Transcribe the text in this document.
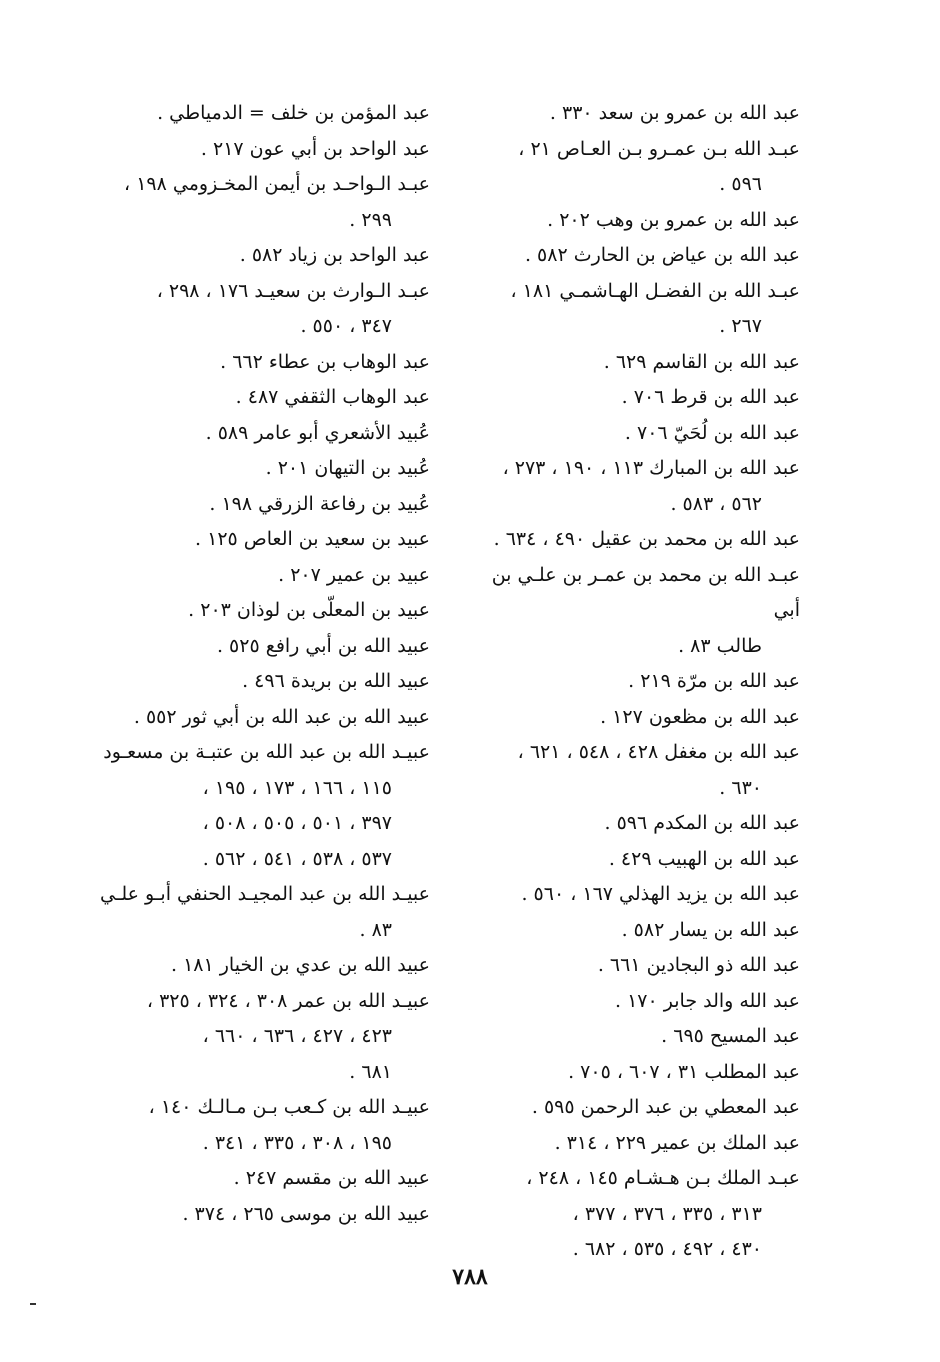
عبد الله بن عمرو بن سعد ٣٣٠ .
عبـد الله بـن عمـرو بـن العـاص ٢١ ،
٥٩٦ .
عبد الله بن عمرو بن وهب ٢٠٢ .
عبد الله بن عياض بن الحارث ٥٨٢ .
عبـد الله بن الفضـل الهـاشمـي ١٨١ ،
٢٦٧ .
عبد الله بن القاسم ٦٢٩ .
عبد الله بن قرط ٧٠٦ .
عبد الله بن لُحَيّ ٧٠٦ .
عبد الله بن المبارك ١١٣ ، ١٩٠ ، ٢٧٣ ،
٥٦٢ ، ٥٨٣ .
عبد الله بن محمد بن عقيل ٤٩٠ ، ٦٣٤ .
عبـد الله بن محمد بن عمـر بن علـي بن أبي
طالب ٨٣ .
عبد الله بن مرّة ٢١٩ .
عبد الله بن مظعون ١٢٧ .
عبد الله بن مغفل ٤٢٨ ، ٥٤٨ ، ٦٢١ ،
٦٣٠ .
عبد الله بن المكدم ٥٩٦ .
عبد الله بن الهبيب ٤٢٩ .
عبد الله بن يزيد الهذلي ١٦٧ ، ٥٦٠ .
عبد الله بن يسار ٥٨٢ .
عبد الله ذو البجادين ٦٦١ .
عبد الله والد جابر ١٧٠ .
عبد المسيح ٦٩٥ .
عبد المطلب ٣١ ، ٦٠٧ ، ٧٠٥ .
عبد المعطي بن عبد الرحمن ٥٩٥ .
عبد الملك بن عمير ٢٢٩ ، ٣١٤ .
عبـد الملك بـن هـشـام ١٤٥ ، ٢٤٨ ،
٣١٣ ، ٣٣٥ ، ٣٧٦ ، ٣٧٧ ،
٤٣٠ ، ٤٩٢ ، ٥٣٥ ، ٦٨٢ .
عبد المؤمن بن خلف = الدمياطي .
عبد الواحد بن أبي عون ٢١٧ .
عبـد الـواحـد بن أيمن المخـزومي ١٩٨ ،
٢٩٩ .
عبد الواحد بن زياد ٥٨٢ .
عبـد الـوارث بن سعيـد ١٧٦ ، ٢٩٨ ،
٣٤٧ ، ٥٥٠ .
عبد الوهاب بن عطاء ٦٦٢ .
عبد الوهاب الثقفي ٤٨٧ .
عُبيد الأشعري أبو عامر ٥٨٩ .
عُبيد بن التيهان ٢٠١ .
عُبيد بن رفاعة الزرقي ١٩٨ .
عبيد بن سعيد بن العاص ١٢٥ .
عبيد بن عمير ٢٠٧ .
عبيد بن المعلّى بن لوذان ٢٠٣ .
عبيد الله بن أبي رافع ٥٢٥ .
عبيد الله بن بريدة ٤٩٦ .
عبيد الله بن عبد الله بن أبي ثور ٥٥٢ .
عبيـد الله بن عبد الله بن عتبـة بن مسعـود
١١٥ ، ١٦٦ ، ١٧٣ ، ١٩٥ ،
٣٩٧ ، ٥٠١ ، ٥٠٥ ، ٥٠٨ ،
٥٣٧ ، ٥٣٨ ، ٥٤١ ، ٥٦٢ .
عبيـد الله بن عبد المجيـد الحنفي أبـو علـي
٨٣ .
عبيد الله بن عدي بن الخيار ١٨١ .
عبيـد الله بن عمر ٣٠٨ ، ٣٢٤ ، ٣٢٥ ،
٤٢٣ ، ٤٢٧ ، ٦٣٦ ، ٦٦٠ ،
٦٨١ .
عبيـد الله بن كـعب بـن مـالـك ١٤٠ ،
١٩٥ ، ٣٠٨ ، ٣٣٥ ، ٣٤١ .
عبيد الله بن مقسم ٢٤٧ .
عبيد الله بن موسى ٢٦٥ ، ٣٧٤ .
٧٨٨
